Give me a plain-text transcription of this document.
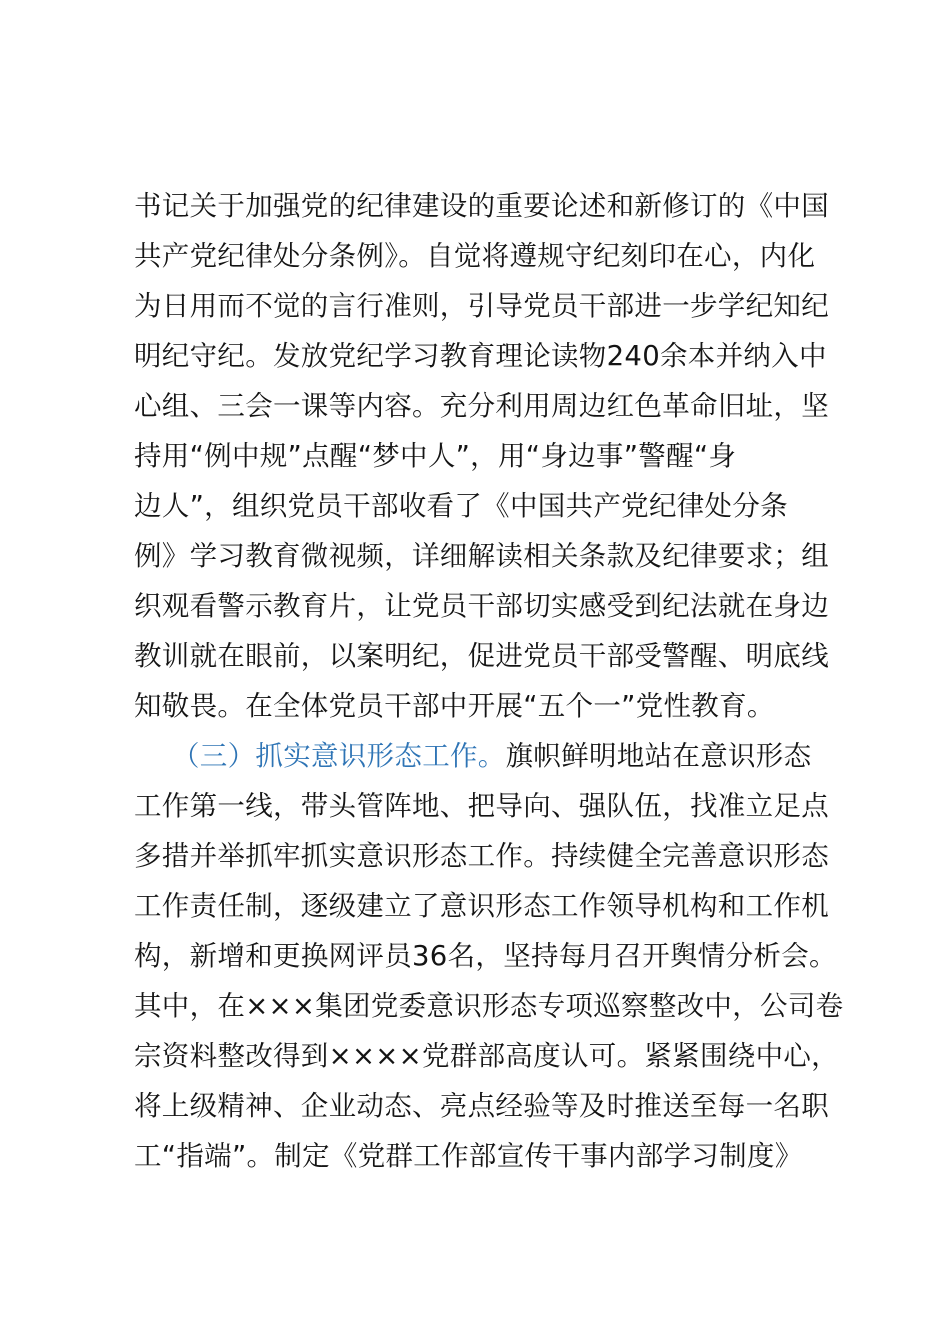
书记关于加强党的纪律建设的重要论述和新修订的《中国
共产党纪律处分条例》。自觉将遵规守纪刻印在心，内化
为日用而不觉的言行准则，引导党员干部进一步学纪知纪
明纪守纪。发放党纪学习教育理论读物240余本并纳入中
心组、三会一课等内容。充分利用周边红色革命旧址，坚
持用“例中规”点醒“梦中人”，用“身边事”警醒“身
边人”，组织党员干部收看了《中国共产党纪律处分条
例》学习教育微视频，详细解读相关条款及纪律要求；组
织观看警示教育片，让党员干部切实感受到纪法就在身边
教训就在眼前，以案明纪，促进党员干部受警醒、明底线
知敬畏。在全体党员干部中开展“五个一”党性教育。
（三）抓实意识形态工作。旗帜鲜明地站在意识形态
工作第一线，带头管阵地、把导向、强队伍，找准立足点
多措并举抓牢抓实意识形态工作。持续健全完善意识形态
工作责任制，逐级建立了意识形态工作领导机构和工作机
构，新增和更换网评员36名，坚持每月召开舆情分析会。
其中，在×××集团党委意识形态专项巡察整改中，公司卷
宗资料整改得到××××党群部高度认可。紧紧围绕中心，
将上级精神、企业动态、亮点经验等及时推送至每一名职
工“指端”。制定《党群工作部宣传干事内部学习制度》
